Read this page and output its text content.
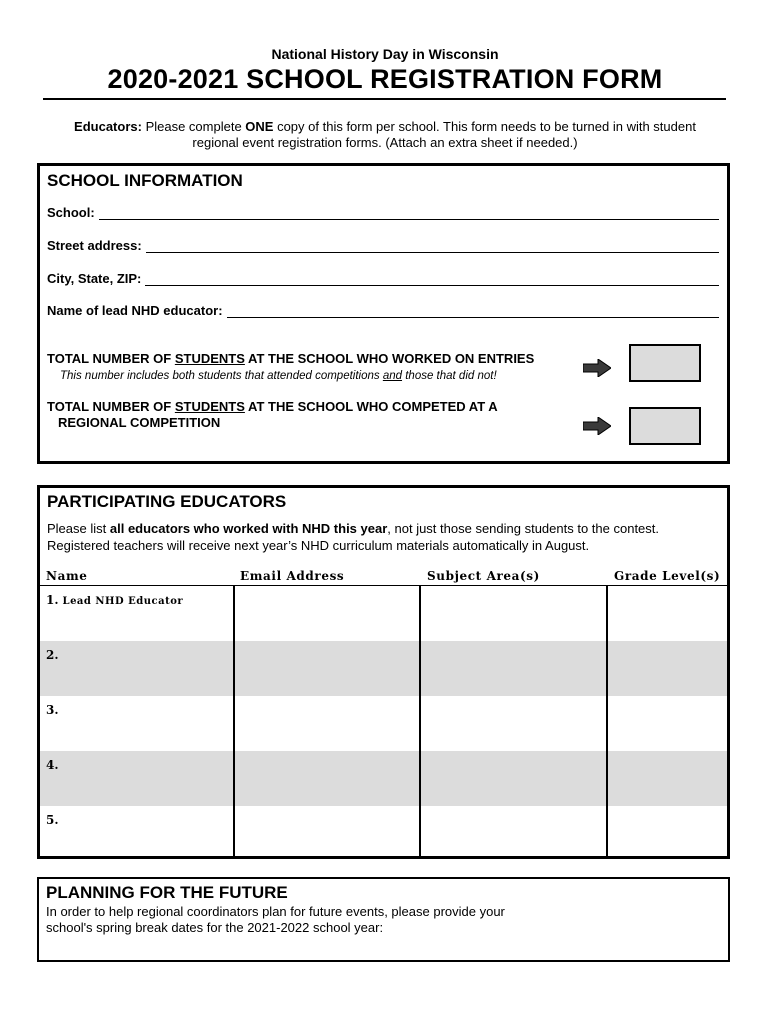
National History Day in Wisconsin
2020-2021 SCHOOL REGISTRATION FORM
Educators: Please complete ONE copy of this form per school. This form needs to be turned in with student
regional event registration forms. (Attach an extra sheet if needed.)
SCHOOL INFORMATION
School:
Street address:
City, State, ZIP:
Name of lead NHD educator:
TOTAL NUMBER OF STUDENTS AT THE SCHOOL WHO WORKED ON ENTRIES
This number includes both students that attended competitions and those that did not!
TOTAL NUMBER OF STUDENTS AT THE SCHOOL WHO COMPETED AT A
REGIONAL COMPETITION
PARTICIPATING EDUCATORS
Please list all educators who worked with NHD this year, not just those sending students to the contest.
Registered teachers will receive next year’s NHD curriculum materials automatically in August.
Name	Email Address	Subject Area(s)	Grade Level(s)
1. Lead NHD Educator
2.
3.
4.
5.
PLANNING FOR THE FUTURE
In order to help regional coordinators plan for future events, please provide your
school's spring break dates for the 2021-2022 school year:
